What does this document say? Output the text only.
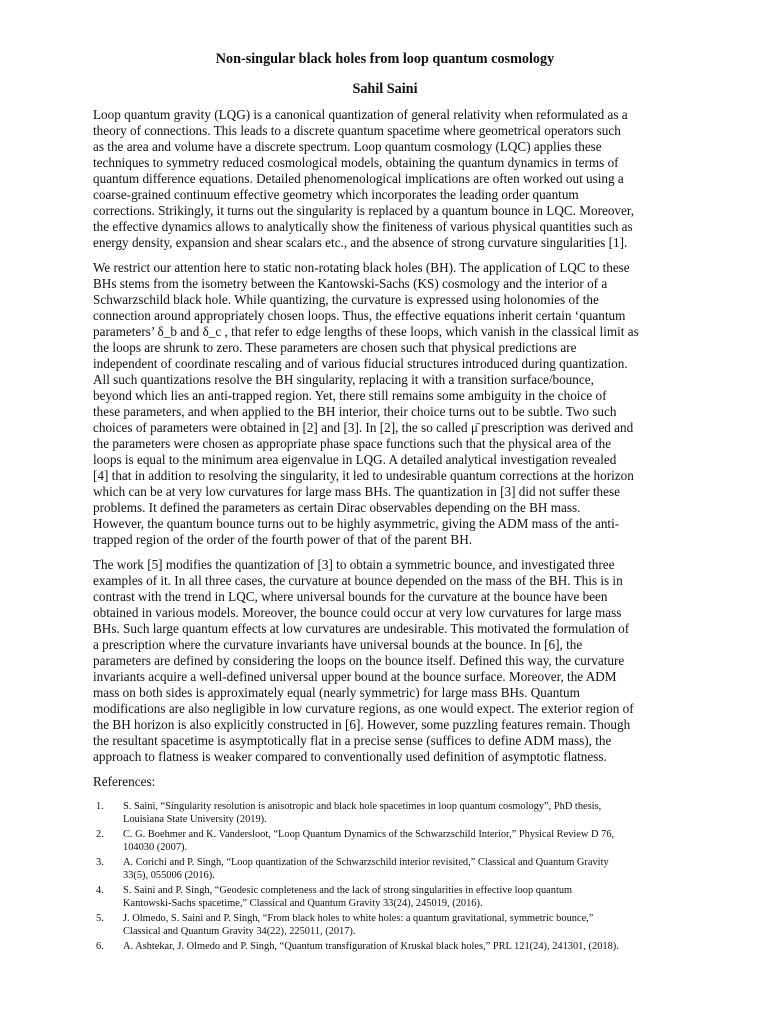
Non-singular black holes from loop quantum cosmology
Sahil Saini

Loop quantum gravity (LQG) is a canonical quantization of general relativity when reformulated as a
theory of connections. This leads to a discrete quantum spacetime where geometrical operators such
as the area and volume have a discrete spectrum. Loop quantum cosmology (LQC) applies these
techniques to symmetry reduced cosmological models, obtaining the quantum dynamics in terms of
quantum difference equations. Detailed phenomenological implications are often worked out using a
coarse-grained continuum effective geometry which incorporates the leading order quantum
corrections. Strikingly, it turns out the singularity is replaced by a quantum bounce in LQC. Moreover,
the effective dynamics allows to analytically show the finiteness of various physical quantities such as
energy density, expansion and shear scalars etc., and the absence of strong curvature singularities [1].

We restrict our attention here to static non-rotating black holes (BH). The application of LQC to these
BHs stems from the isometry between the Kantowski-Sachs (KS) cosmology and the interior of a
Schwarzschild black hole. While quantizing, the curvature is expressed using holonomies of the
connection around appropriately chosen loops. Thus, the effective equations inherit certain ‘quantum
parameters’ δ_b and δ_c , that refer to edge lengths of these loops, which vanish in the classical limit as
the loops are shrunk to zero. These parameters are chosen such that physical predictions are
independent of coordinate rescaling and of various fiducial structures introduced during quantization.
All such quantizations resolve the BH singularity, replacing it with a transition surface/bounce,
beyond which lies an anti-trapped region. Yet, there still remains some ambiguity in the choice of
these parameters, and when applied to the BH interior, their choice turns out to be subtle. Two such
choices of parameters were obtained in [2] and [3]. In [2], the so called μ̄ prescription was derived and
the parameters were chosen as appropriate phase space functions such that the physical area of the
loops is equal to the minimum area eigenvalue in LQG. A detailed analytical investigation revealed
[4] that in addition to resolving the singularity, it led to undesirable quantum corrections at the horizon
which can be at very low curvatures for large mass BHs. The quantization in [3] did not suffer these
problems. It defined the parameters as certain Dirac observables depending on the BH mass.
However, the quantum bounce turns out to be highly asymmetric, giving the ADM mass of the anti-
trapped region of the order of the fourth power of that of the parent BH.

The work [5] modifies the quantization of [3] to obtain a symmetric bounce, and investigated three
examples of it. In all three cases, the curvature at bounce depended on the mass of the BH. This is in
contrast with the trend in LQC, where universal bounds for the curvature at the bounce have been
obtained in various models. Moreover, the bounce could occur at very low curvatures for large mass
BHs. Such large quantum effects at low curvatures are undesirable. This motivated the formulation of
a prescription where the curvature invariants have universal bounds at the bounce. In [6], the
parameters are defined by considering the loops on the bounce itself. Defined this way, the curvature
invariants acquire a well-defined universal upper bound at the bounce surface. Moreover, the ADM
mass on both sides is approximately equal (nearly symmetric) for large mass BHs. Quantum
modifications are also negligible in low curvature regions, as one would expect. The exterior region of
the BH horizon is also explicitly constructed in [6]. However, some puzzling features remain. Though
the resultant spacetime is asymptotically flat in a precise sense (suffices to define ADM mass), the
approach to flatness is weaker compared to conventionally used definition of asymptotic flatness.

References:
1. S. Saini, “Singularity resolution is anisotropic and black hole spacetimes in loop quantum cosmology”, PhD thesis,
Louisiana State University (2019).
2. C. G. Boehmer and K. Vandersloot, “Loop Quantum Dynamics of the Schwarzschild Interior,” Physical Review D 76,
104030 (2007).
3. A. Corichi and P. Singh, “Loop quantization of the Schwarzschild interior revisited,” Classical and Quantum Gravity
33(5), 055006 (2016).
4. S. Saini and P. Singh, “Geodesic completeness and the lack of strong singularities in effective loop quantum
Kantowski-Sachs spacetime,” Classical and Quantum Gravity 33(24), 245019, (2016).
5. J. Olmedo, S. Saini and P. Singh, “From black holes to white holes: a quantum gravitational, symmetric bounce,”
Classical and Quantum Gravity 34(22), 225011, (2017).
6. A. Ashtekar, J. Olmedo and P. Singh, “Quantum transfiguration of Kruskal black holes,” PRL 121(24), 241301, (2018).
